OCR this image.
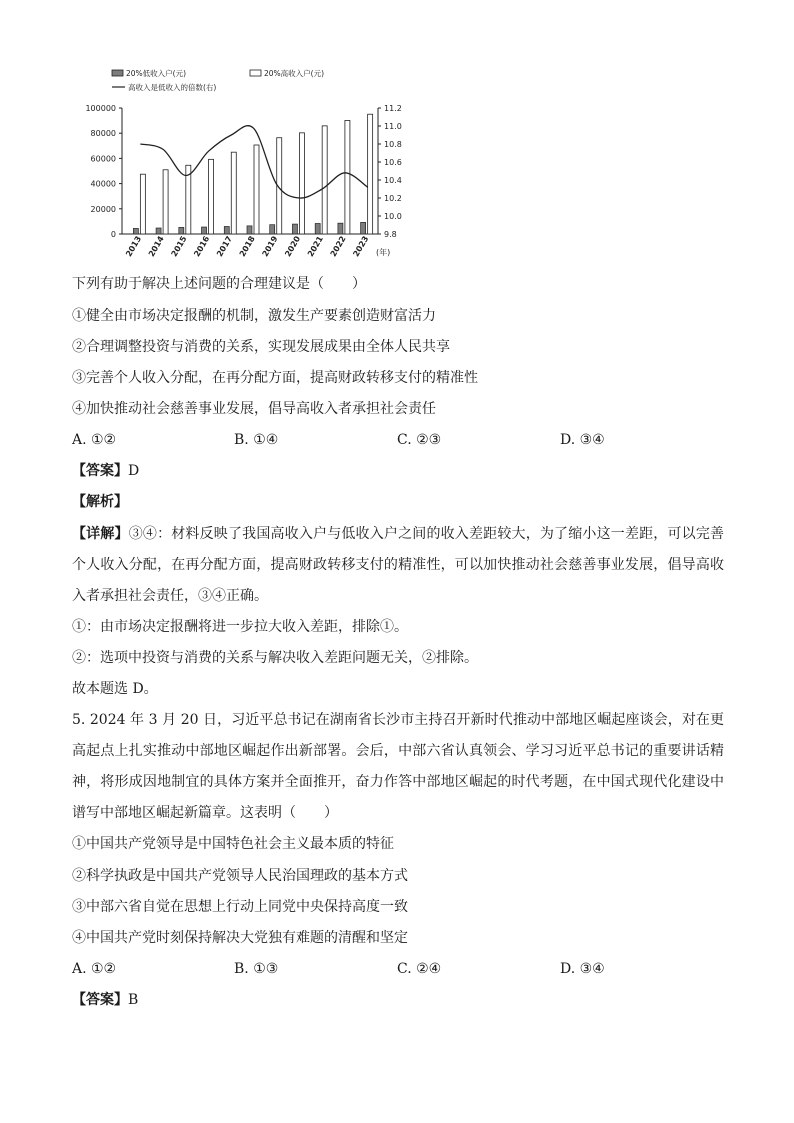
20%低收入户(元)	20%高收入户(元)
高收入是低收入的倍数(右)
100000
80000
60000
40000
20000
0
11.2
11.0
10.8
10.6
10.4
10.2
10.0
9.8
2013 2014 2015 2016 2017 2018 2019 2020 2021 2022 2023 (年)
下列有助于解决上述问题的合理建议是（　　）
①健全由市场决定报酬的机制，激发生产要素创造财富活力
②合理调整投资与消费的关系，实现发展成果由全体人民共享
③完善个人收入分配，在再分配方面，提高财政转移支付的精准性
④加快推动社会慈善事业发展，倡导高收入者承担社会责任
A. ①②	B. ①④	C. ②③	D. ③④
【答案】D
【解析】

【详解】③④：材料反映了我国高收入户与低收入户之间的收入差距较大，为了缩小这一差距，可以完善个人收入分配，在再分配方面，提高财政转移支付的精准性，可以加快推动社会慈善事业发展，倡导高收入者承担社会责任，③④正确。

①：由市场决定报酬将进一步拉大收入差距，排除①。
②：选项中投资与消费的关系与解决收入差距问题无关，②排除。
故本题选 D。

5. 2024 年 3 月 20 日，习近平总书记在湖南省长沙市主持召开新时代推动中部地区崛起座谈会，对在更高起点上扎实推动中部地区崛起作出新部署。会后，中部六省认真领会、学习习近平总书记的重要讲话精神，将形成因地制宜的具体方案并全面推开，奋力作答中部地区崛起的时代考题，在中国式现代化建设中谱写中部地区崛起新篇章。这表明（　　）

①中国共产党领导是中国特色社会主义最本质的特征
②科学执政是中国共产党领导人民治国理政的基本方式
③中部六省自觉在思想上行动上同党中央保持高度一致
④中国共产党时刻保持解决大党独有难题的清醒和坚定
A. ①②	B. ①③	C. ②④	D. ③④
【答案】B
